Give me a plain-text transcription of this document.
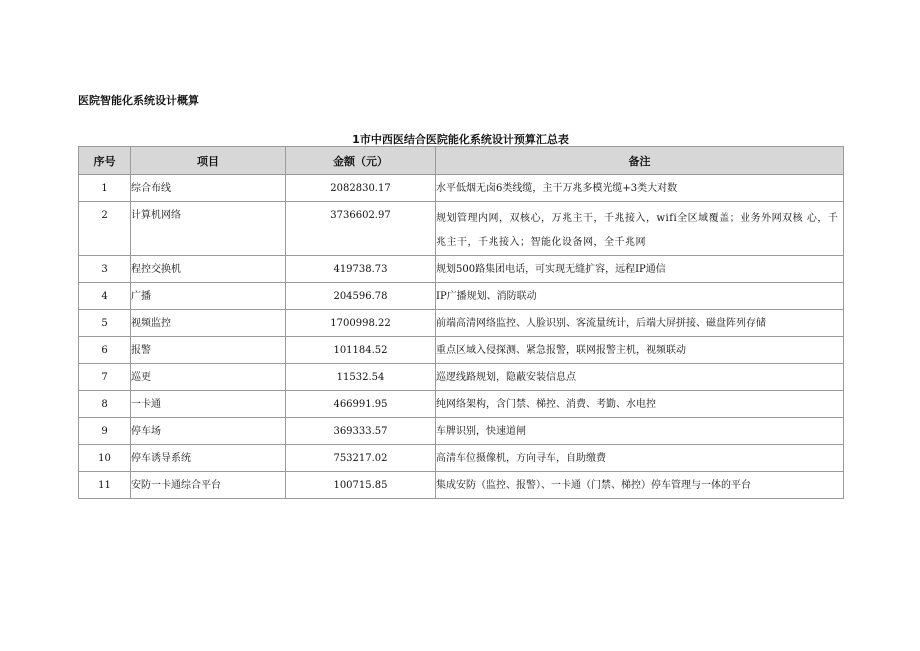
医院智能化系统设计概算
1市中西医结合医院能化系统设计预算汇总表
序号	项目	金额（元）	备注
1	综合布线	2082830.17	水平低烟无卤6类线缆，主干万兆多模光缆+3类大对数
2	计算机网络	3736602.97	规划管理内网，双核心，万兆主干，千兆接入，wifi全区域覆盖；业务外网双核 心，千兆主干，千兆接入；智能化设备网，全千兆网
3	程控交换机	419738.73	规划500路集团电话，可实现无缝扩容，远程IP通信
4	广播	204596.78	IP广播规划、消防联动
5	视频监控	1700998.22	前端高清网络监控、人脸识别、客流量统计，后端大屏拼接、磁盘阵列存储
6	报警	101184.52	重点区域入侵探测、紧急报警，联网报警主机，视频联动
7	巡更	11532.54	巡逻线路规划，隐蔽安装信息点
8	一卡通	466991.95	纯网络架构，含门禁、梯控、消费、考勤、水电控
9	停车场	369333.57	车牌识别，快速道闸
10	停车诱导系统	753217.02	高清车位摄像机，方向寻车，自助缴费
11	安防一卡通综合平台	100715.85	集成安防（监控、报警）、一卡通（门禁、梯控）停车管理与一体的平台
